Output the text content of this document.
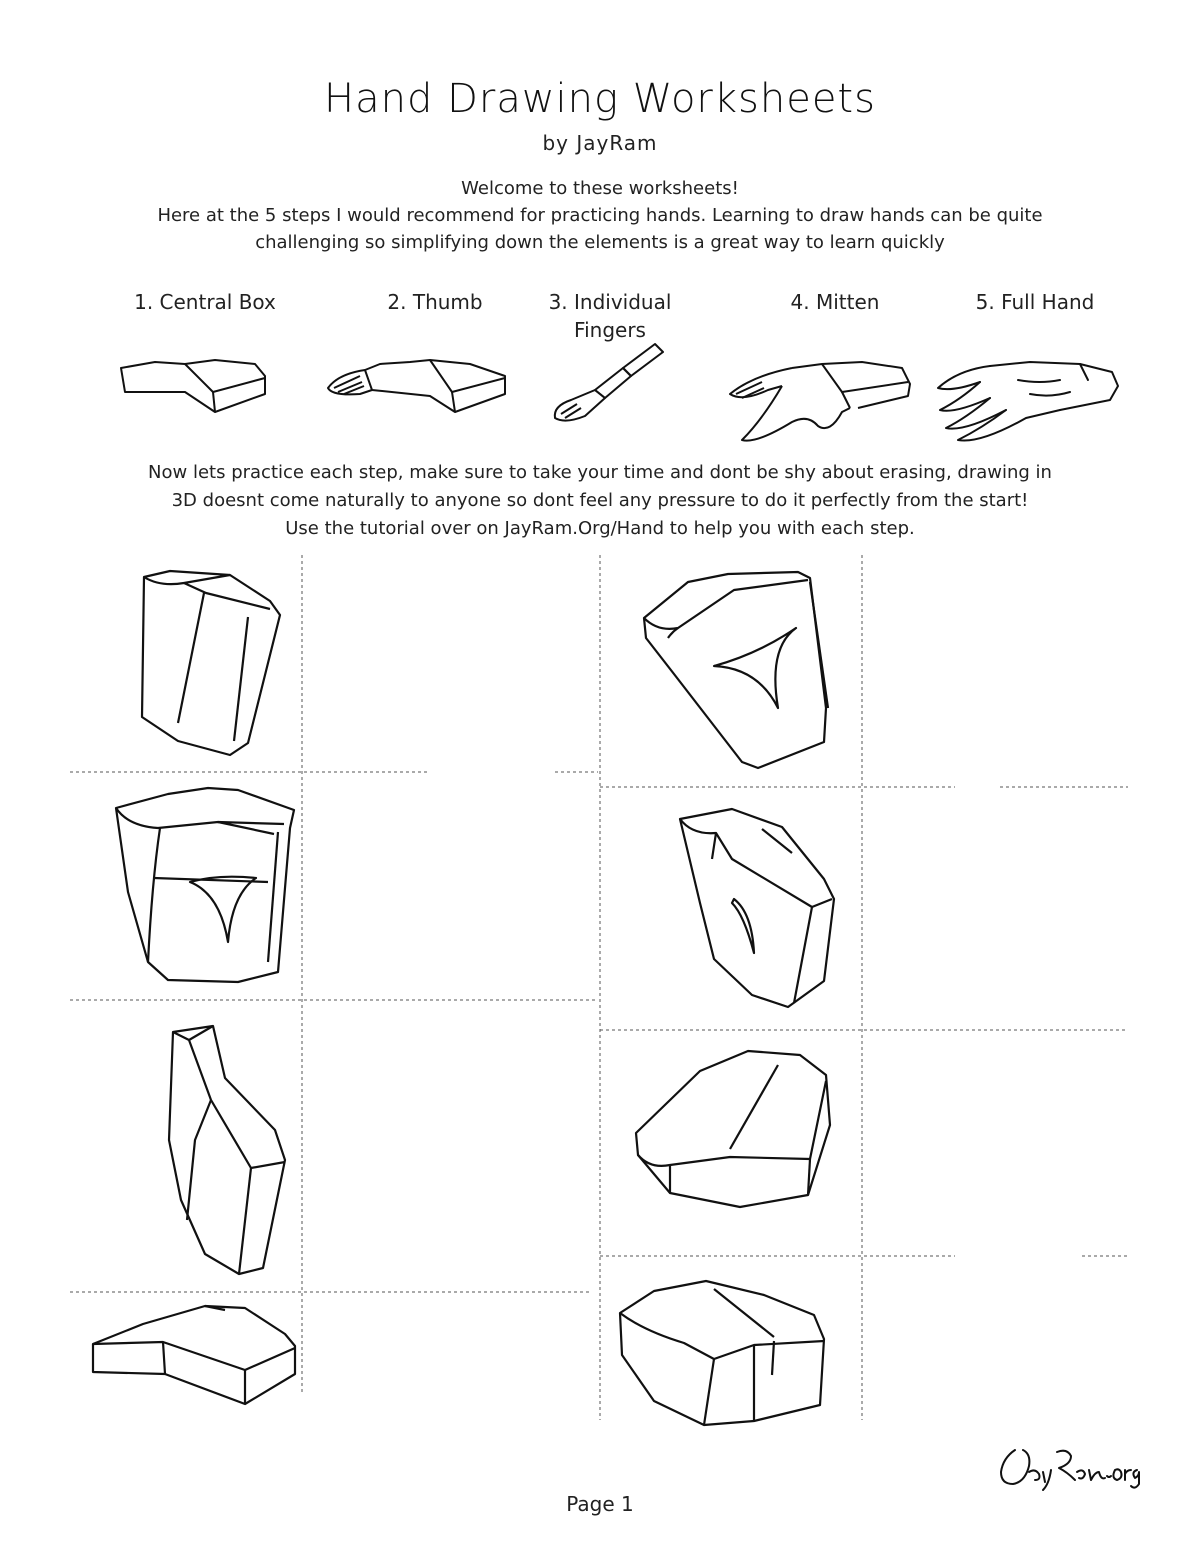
Hand Drawing Worksheets
by JayRam
Welcome to these worksheets!
Here at the 5 steps I would recommend for practicing hands. Learning to draw hands can be quite
challenging so simplifying down the elements is a great way to learn quickly
1. Central Box	2. Thumb	3. Individual Fingers
4. Mitten	5. Full Hand
Now lets practice each step, make sure to take your time and dont be shy about erasing, drawing in
3D doesnt come naturally to anyone so dont feel any pressure to do it perfectly from the start!
Use the tutorial over on JayRam.Org/Hand to help you with each step.
Page 1
